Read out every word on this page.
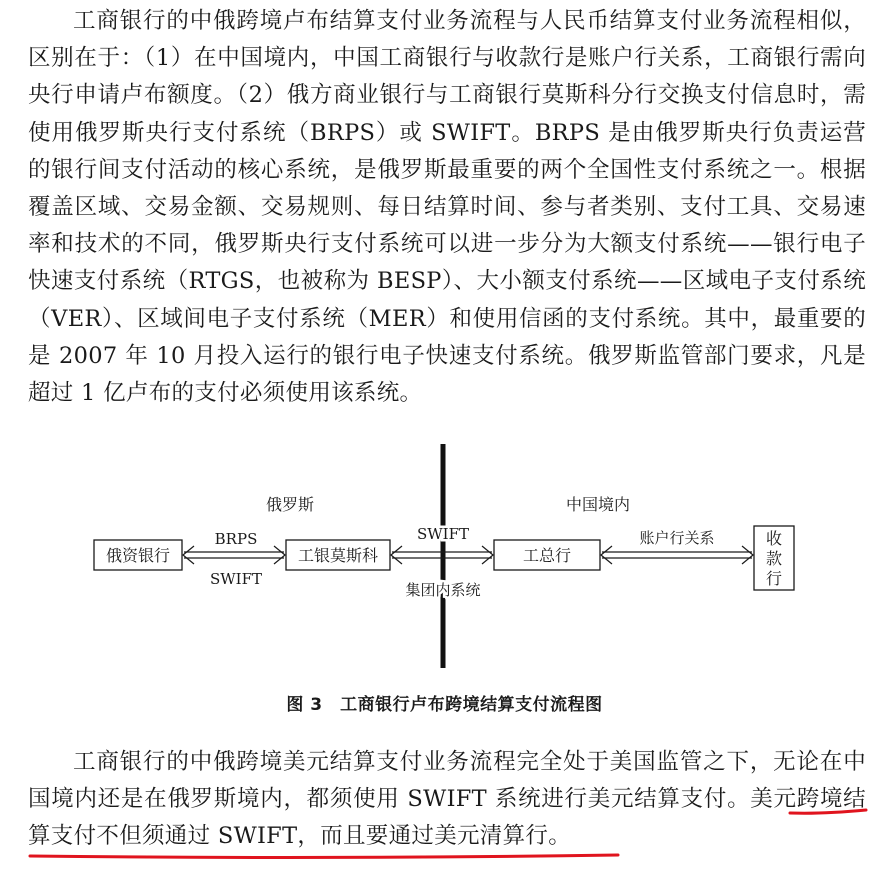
工商银行的中俄跨境卢布结算支付业务流程与人民币结算支付业务流程相似，区别在于：（1）在中国境内，中国工商银行与收款行是账户行关系，工商银行需向央行申请卢布额度。（2）俄方商业银行与工商银行莫斯科分行交换支付信息时，需使用俄罗斯央行支付系统（BRPS）或 SWIFT。BRPS 是由俄罗斯央行负责运营的银行间支付活动的核心系统，是俄罗斯最重要的两个全国性支付系统之一。根据覆盖区域、交易金额、交易规则、每日结算时间、参与者类别、支付工具、交易速率和技术的不同，俄罗斯央行支付系统可以进一步分为大额支付系统——银行电子快速支付系统（RTGS，也被称为 BESP）、大小额支付系统——区域电子支付系统（VER）、区域间电子支付系统（MER）和使用信函的支付系统。其中，最重要的是 2007 年 10 月投入运行的银行电子快速支付系统。俄罗斯监管部门要求，凡是超过 1 亿卢布的支付必须使用该系统。

俄罗斯	中国境内
俄资银行	工银莫斯科	工总行
收
款
行
BRPS
SWIFT
SWIFT
集团内系统
账户行关系
图 3　工商银行卢布跨境结算支付流程图

工商银行的中俄跨境美元结算支付业务流程完全处于美国监管之下，无论在中国境内还是在俄罗斯境内，都须使用 SWIFT 系统进行美元结算支付。美元跨境结算支付不但须通过 SWIFT，而且要通过美元清算行。
